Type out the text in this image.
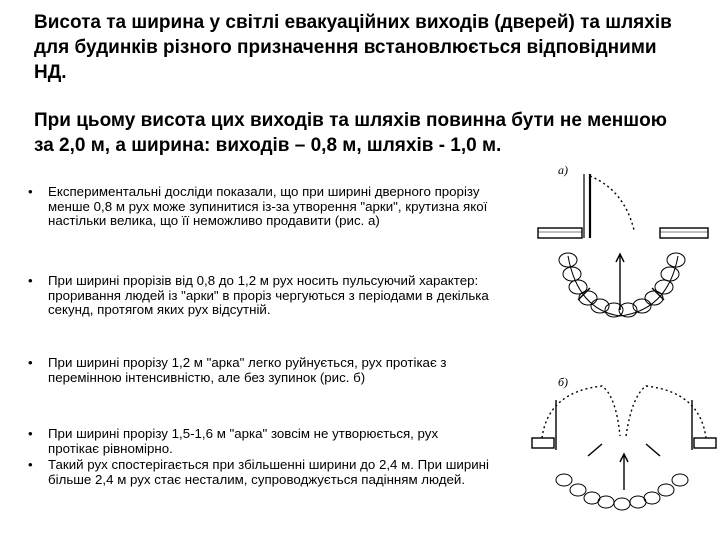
Висота та ширина у світлі евакуаційних виходів (дверей) та шляхів для будинків різного призначення встановлюється відповідними НД.

При цьому висота цих виходів та шляхів повинна бути не меншою за 2,0 м, а ширина: виходів – 0,8 м, шляхів - 1,0 м.

•	Експериментальні досліди показали, що при ширині дверного прорізу менше 0,8 м рух може зупинитися із-за утворення "арки", крутизна якої настільки велика, що її неможливо продавити (рис. а)
•	При ширині прорізів від 0,8 до 1,2 м рух носить пульсуючий характер: проривання людей із "арки" в проріз чергуються з періодами в декілька секунд, протягом яких рух відсутній.
•	При ширині прорізу 1,2 м "арка" легко руйнується, рух протікає з перемінною інтенсивністю, але без зупинок (рис. б)
•	При ширині прорізу 1,5-1,6 м "арка" зовсім не утворюється, рух протікає рівномірно.
•	Такий рух спостерігається при збільшенні ширини до 2,4 м. При ширині більше 2,4 м рух стає несталим, супроводжується падінням людей.
а)
б)
